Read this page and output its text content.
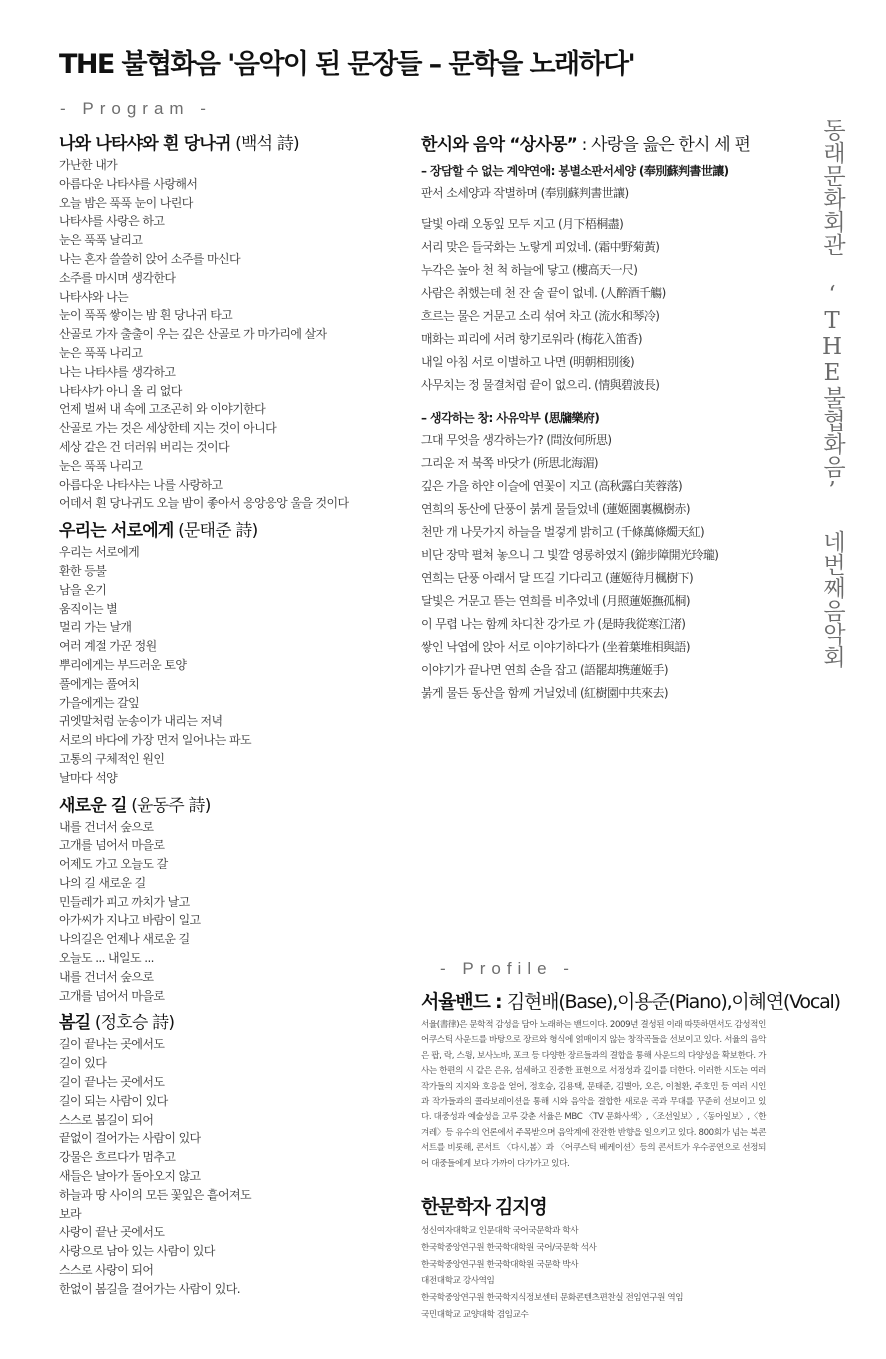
THE 불협화음 '음악이 된 문장들 – 문학을 노래하다'
- Program -
나와 나타샤와 흰 당나귀 (백석 詩)
가난한 내가
아름다운 나타샤를 사랑해서
오늘 밤은 푹푹 눈이 나린다
나타샤를 사랑은 하고
눈은 푹푹 날리고
나는 혼자 쓸쓸히 앉어 소주를 마신다
소주를 마시며 생각한다
나타샤와 나는
눈이 푹푹 쌓이는 밤 흰 당나귀 타고
산골로 가자 출출이 우는 깊은 산골로 가 마가리에 살자
눈은 푹푹 나리고
나는 나타샤를 생각하고
나타샤가 아니 올 리 없다
언제 벌써 내 속에 고조곤히 와 이야기한다
산골로 가는 것은 세상한테 지는 것이 아니다
세상 같은 건 더러워 버리는 것이다
눈은 푹푹 나리고
아름다운 나타샤는 나를 사랑하고
어데서 흰 당나귀도 오늘 밤이 좋아서 응앙응앙 울을 것이다
우리는 서로에게 (문태준 詩)
우리는 서로에게
환한 등불
남을 온기
움직이는 별
멀리 가는 날개
여러 계절 가꾼 정원
뿌리에게는 부드러운 토양
풀에게는 풀여치
가을에게는 갈잎
귀엣말처럼 눈송이가 내리는 저녁
서로의 바다에 가장 먼저 일어나는 파도
고통의 구체적인 원인
날마다 석양
새로운 길 (윤동주 詩)
내를 건너서 숲으로
고개를 넘어서 마을로
어제도 가고 오늘도 갈
나의 길 새로운 길
민들레가 피고 까치가 날고
아가씨가 지나고 바람이 일고
나의길은 언제나 새로운 길
오늘도 ... 내일도 ...
내를 건너서 숲으로
고개를 넘어서 마을로
봄길 (정호승 詩)
길이 끝나는 곳에서도
길이 있다
길이 끝나는 곳에서도
길이 되는 사람이 있다
스스로 봄길이 되어
끝없이 걸어가는 사람이 있다
강물은 흐르다가 멈추고
새들은 날아가 돌아오지 않고
하늘과 땅 사이의 모든 꽃잎은 흩어져도
보라
사랑이 끝난 곳에서도
사랑으로 남아 있는 사람이 있다
스스로 사랑이 되어
한없이 봄길을 걸어가는 사람이 있다.
한시와 음악 “상사몽” : 사랑을 읊은 한시 세 편
– 장담할 수 없는 계약연애: 봉별소판서세양 (奉別蘇判書世讓)
판서 소세양과 작별하며 (奉別蘇判書世讓)
달빛 아래 오동잎 모두 지고 (月下梧桐盡)
서리 맞은 들국화는 노랗게 피었네. (霜中野菊黃)
누각은 높아 천 척 하늘에 닿고 (樓高天一尺)
사람은 취했는데 천 잔 술 끝이 없네. (人醉酒千觴)
흐르는 물은 거문고 소리 섞여 차고 (流水和琴冷)
매화는 피리에 서려 향기로워라 (梅花入笛香)
내일 아침 서로 이별하고 나면 (明朝相別後)
사무치는 정 물결처럼 끝이 없으리. (情與碧波長)
– 생각하는 창: 사유악부 (思牖樂府)
그대 무엇을 생각하는가? (問汝何所思)
그리운 저 북쪽 바닷가 (所思北海湄)
깊은 가을 하얀 이슬에 연꽃이 지고 (高秋露白芙蓉落)
연희의 동산에 단풍이 붉게 물들었네 (蓮姬園裏楓樹赤)
천만 개 나뭇가지 하늘을 벌겋게 밝히고 (千條萬條燭天紅)
비단 장막 펼쳐 놓으니 그 빛깔 영롱하였지 (錦步障開光玲瓏)
연희는 단풍 아래서 달 뜨길 기다리고 (蓮姬待月楓樹下)
달빛은 거문고 뜯는 연희를 비추었네 (月照蓮姬撫孤桐)
이 무렵 나는 함께 차디찬 강가로 가 (是時我從寒江渚)
쌓인 낙엽에 앉아 서로 이야기하다가 (坐着葉堆相與語)
이야기가 끝나면 연희 손을 잡고 (語罷却携蓮姬手)
붉게 물든 동산을 함께 거닐었네 (紅樹園中共來去)
동래문화회관 ‘THE불협화음’ 네번째음악회
- Profile -
서율밴드 : 김현배(Base),이용준(Piano),이혜연(Vocal)

서율(書律)은 문학적 감성을 담아 노래하는 밴드이다. 2009년 결성된 이래 따뜻하면서도 감성적인 어쿠스틱 사운드를 바탕으로 장르와 형식에 얽매이지 않는 창작곡들을 선보이고 있다. 서율의 음악은 팝, 락, 스윙, 보사노바, 포크 등 다양한 장르들과의 결합을 통해 사운드의 다양성을 확보한다. 가사는 한편의 시 같은 은유, 섬세하고 진중한 표현으로 서정성과 깊이를 더한다. 이러한 시도는 여러 작가들의 지지와 호응을 얻어, 정호승, 김용택, 문태준, 김별아, 오은, 이철환, 주호민 등 여러 시인과 작가들과의 콜라보레이션을 통해 시와 음악을 결합한 새로운 곡과 무대를 꾸준히 선보이고 있다. 대중성과 예술성을 고루 갖춘 서율은 MBC 〈TV 문화사색〉,〈조선일보〉,〈동아일보〉,〈한겨레〉등 유수의 언론에서 주목받으며 음악계에 잔잔한 반향을 일으키고 있다. 800회가 넘는 북콘서트를 비롯해, 콘서트 〈다시,봄〉과 〈어쿠스틱 베케이션〉등의 콘서트가 우수공연으로 선정되어 대중들에게 보다 가까이 다가가고 있다.

한문학자 김지영
성신여자대학교 인문대학 국어국문학과 학사
한국학중앙연구원 한국학대학원 국어/국문학 석사
한국학중앙연구원 한국학대학원 국문학 박사
대전대학교 강사역임
한국학중앙연구원 한국학지식정보센터 문화콘텐츠편찬실 전임연구원 역임
국민대학교 교양대학 겸임교수
